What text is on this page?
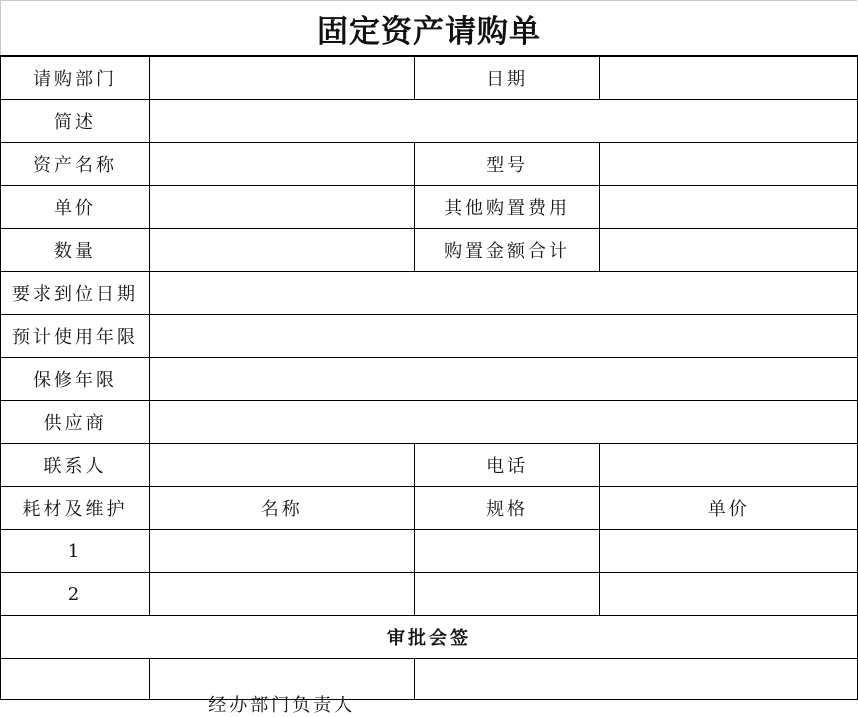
固定资产请购单
请购部门		日期	
简述			
资产名称		型号	
单价		其他购置费用	
数量		购置金额合计	
要求到位日期			
预计使用年限			
保修年限			
供应商			
联系人		电话	
耗材及维护	名称	规格	单价
1			
2			
审批会签			
	经办部门负责人		
